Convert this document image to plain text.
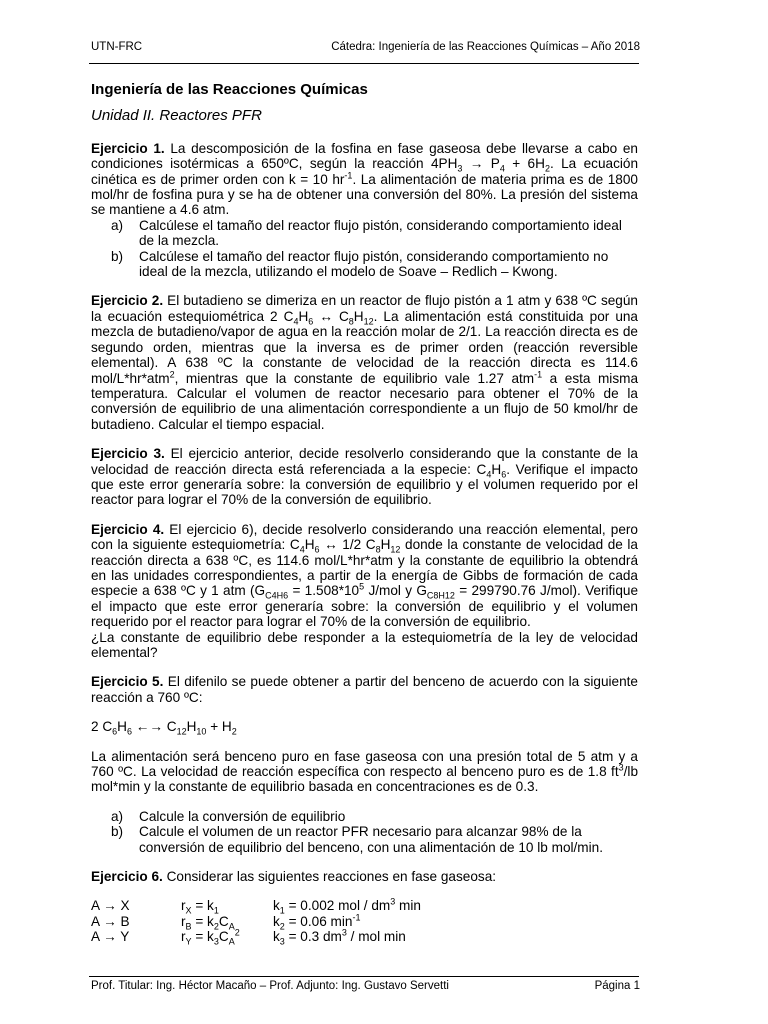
UTN-FRC	Cátedra: Ingeniería de las Reacciones Químicas – Año 2018
Ingeniería de las Reacciones Químicas
Unidad II. Reactores PFR

Ejercicio 1. La descomposición de la fosfina en fase gaseosa debe llevarse a cabo en condiciones isotérmicas a 650ºC, según la reacción $4PH_3 \to P_4 + 6H_2$. La ecuación cinética es de primer orden con k = 10 $hr^{-1}$. La alimentación de materia prima es de 1800 mol/hr de fosfina pura y se ha de obtener una conversión del 80%. La presión del sistema se mantiene a 4.6 atm.

a) Calcúlese el tamaño del reactor flujo pistón, considerando comportamiento ideal de la mezcla.
b) Calcúlese el tamaño del reactor flujo pistón, considerando comportamiento no ideal de la mezcla, utilizando el modelo de Soave – Redlich – Kwong.

Ejercicio 2. El butadieno se dimeriza en un reactor de flujo pistón a 1 atm y 638 ºC según la ecuación estequiométrica 2 $C_4H_6$ ↔ $C_8H_{12}$. La alimentación está constituida por una mezcla de butadieno/vapor de agua en la reacción molar de 2/1. La reacción directa es de segundo orden, mientras que la inversa es de primer orden (reacción reversible elemental). A 638 ºC la constante de velocidad de la reacción directa es 114.6 mol/L*hr*atm$^2$, mientras que la constante de equilibrio vale 1.27 atm$^{-1}$ a esta misma temperatura. Calcular el volumen de reactor necesario para obtener el 70% de la conversión de equilibrio de una alimentación correspondiente a un flujo de 50 kmol/hr de butadieno. Calcular el tiempo espacial.

Ejercicio 3. El ejercicio anterior, decide resolverlo considerando que la constante de la velocidad de reacción directa está referenciada a la especie: $C_4H_6$. Verifique el impacto que este error generaría sobre: la conversión de equilibrio y el volumen requerido por el reactor para lograr el 70% de la conversión de equilibrio.

Ejercicio 4. El ejercicio 6), decide resolverlo considerando una reacción elemental, pero con la siguiente estequiometría: $C_4H_6$ ↔ 1/2 $C_8H_{12}$ donde la constante de velocidad de la reacción directa a 638 ºC, es 114.6 mol/L*hr*atm y la constante de equilibrio la obtendrá en las unidades correspondientes, a partir de la energía de Gibbs de formación de cada especie a 638 ºC y 1 atm ($G_{C4H6} = 1.508*10^5$ J/mol y $G_{C8H12} = 299790.76$ J/mol). Verifique el impacto que este error generaría sobre: la conversión de equilibrio y el volumen requerido por el reactor para lograr el 70% de la conversión de equilibrio.

¿La constante de equilibrio debe responder a la estequiometría de la ley de velocidad elemental?

Ejercicio 5. El difenilo se puede obtener a partir del benceno de acuerdo con la siguiente reacción a 760 ºC:

2 $C_6H_6$ ←→ $C_{12}H_{10} + H_2$

La alimentación será benceno puro en fase gaseosa con una presión total de 5 atm y a 760 ºC. La velocidad de reacción específica con respecto al benceno puro es de 1.8 $ft^3/lb$ mol*min y la constante de equilibrio basada en concentraciones es de 0.3.

a) Calcule la conversión de equilibrio
b) Calcule el volumen de un reactor PFR necesario para alcanzar 98% de la conversión de equilibrio del benceno, con una alimentación de 10 lb mol/min.

Ejercicio 6. Considerar las siguientes reacciones en fase gaseosa:

A → X	$r_X = k_1$	$k_1 = 0.002$ mol / $dm^3$ min
A → B	$r_B = k_2C_A$	$k_2 = 0.06$ $\min^{-1}$
A → Y	$r_Y = k_3C_A^2$	$k_3 = 0.3$ $dm^3$ / mol min
Prof. Titular: Ing. Héctor Macaño – Prof. Adjunto: Ing. Gustavo Servetti	Página 1
